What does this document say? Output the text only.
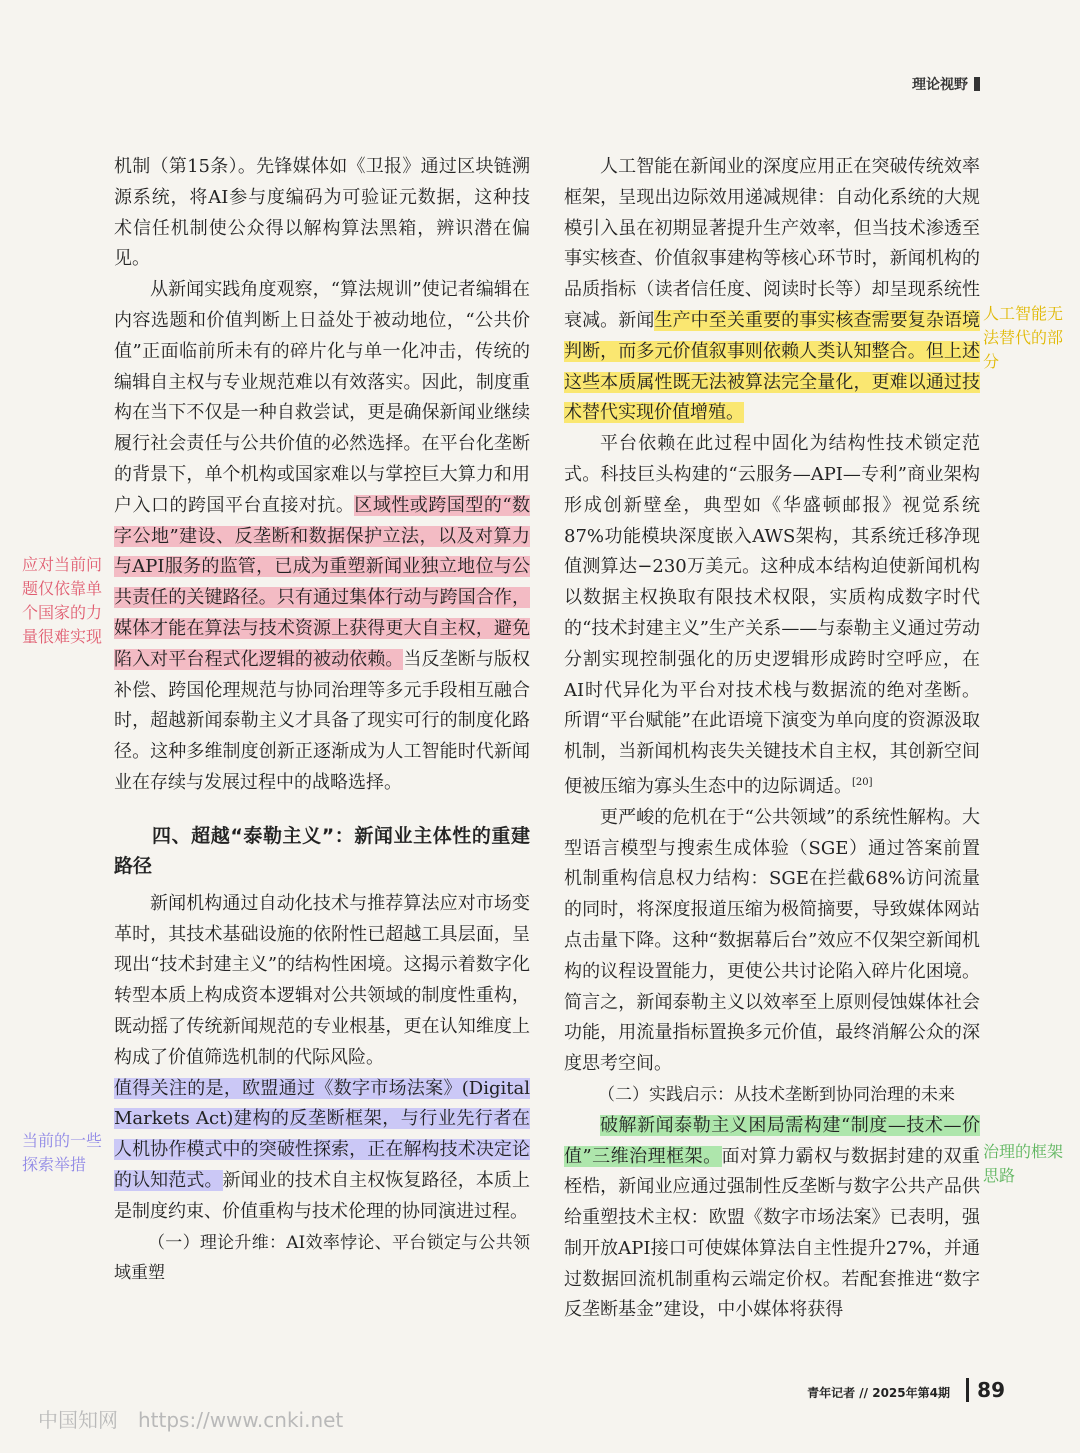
理论视野

机制（第15条）。先锋媒体如《卫报》通过区块链溯源系统，将AI参与度编码为可验证元数据，这种技术信任机制使公众得以解构算法黑箱，辨识潜在偏见。

从新闻实践角度观察，“算法规训”使记者编辑在内容选题和价值判断上日益处于被动地位，“公共价值”正面临前所未有的碎片化与单一化冲击，传统的编辑自主权与专业规范难以有效落实。因此，制度重构在当下不仅是一种自救尝试，更是确保新闻业继续履行社会责任与公共价值的必然选择。在平台化垄断的背景下，单个机构或国家难以与掌控巨大算力和用户入口的跨国平台直接对抗。区域性或跨国型的“数字公地”建设、反垄断和数据保护立法，以及对算力与API服务的监管，已成为重塑新闻业独立地位与公共责任的关键路径。只有通过集体行动与跨国合作，媒体才能在算法与技术资源上获得更大自主权，避免陷入对平台程式化逻辑的被动依赖。当反垄断与版权补偿、跨国伦理规范与协同治理等多元手段相互融合时，超越新闻泰勒主义才具备了现实可行的制度化路径。这种多维制度创新正逐渐成为人工智能时代新闻业在存续与发展过程中的战略选择。

四、超越“泰勒主义”：新闻业主体性的重建路径

新闻机构通过自动化技术与推荐算法应对市场变革时，其技术基础设施的依附性已超越工具层面，呈现出“技术封建主义”的结构性困境。这揭示着数字化转型本质上构成资本逻辑对公共领域的制度性重构，既动摇了传统新闻规范的专业根基，更在认知维度上构成了价值筛选机制的代际风险。

值得关注的是，欧盟通过《数字市场法案》(Digital Markets Act)建构的反垄断框架，与行业先行者在人机协作模式中的突破性探索，正在解构技术决定论的认知范式。新闻业的技术自主权恢复路径，本质上是制度约束、价值重构与技术伦理的协同演进过程。

（一）理论升维：AI效率悖论、平台锁定与公共领域重塑

人工智能在新闻业的深度应用正在突破传统效率框架，呈现出边际效用递减规律：自动化系统的大规模引入虽在初期显著提升生产效率，但当技术渗透至事实核查、价值叙事建构等核心环节时，新闻机构的品质指标（读者信任度、阅读时长等）却呈现系统性衰减。新闻生产中至关重要的事实核查需要复杂语境判断，而多元价值叙事则依赖人类认知整合。但上述这些本质属性既无法被算法完全量化，更难以通过技术替代实现价值增殖。

平台依赖在此过程中固化为结构性技术锁定范式。科技巨头构建的“云服务—API—专利”商业架构形成创新壁垒，典型如《华盛顿邮报》视觉系统87%功能模块深度嵌入AWS架构，其系统迁移净现值测算达−230万美元。这种成本结构迫使新闻机构以数据主权换取有限技术权限，实质构成数字时代的“技术封建主义”生产关系——与泰勒主义通过劳动分割实现控制强化的历史逻辑形成跨时空呼应，在AI时代异化为平台对技术栈与数据流的绝对垄断。所谓“平台赋能”在此语境下演变为单向度的资源汲取机制，当新闻机构丧失关键技术自主权，其创新空间便被压缩为寡头生态中的边际调适。[20]

更严峻的危机在于“公共领域”的系统性解构。大型语言模型与搜索生成体验（SGE）通过答案前置机制重构信息权力结构：SGE在拦截68%访问流量的同时，将深度报道压缩为极简摘要，导致媒体网站点击量下降。这种“数据幕后台”效应不仅架空新闻机构的议程设置能力，更使公共讨论陷入碎片化困境。简言之，新闻泰勒主义以效率至上原则侵蚀媒体社会功能，用流量指标置换多元价值，最终消解公众的深度思考空间。

（二）实践启示：从技术垄断到协同治理的未来

破解新闻泰勒主义困局需构建“制度—技术—价值”三维治理框架。面对算力霸权与数据封建的双重桎梏，新闻业应通过强制性反垄断与数字公共产品供给重塑技术主权：欧盟《数字市场法案》已表明，强制开放API接口可使媒体算法自主性提升27%，并通过数据回流机制重构云端定价权。若配套推进“数字反垄断基金”建设，中小媒体将获得

应对当前问题仅依靠单个国家的力量很难实现
当前的一些探索举措
人工智能无法替代的部分
治理的框架思路
青年记者 // 2025年第4期 89
中国知网 https://www.cnki.net
